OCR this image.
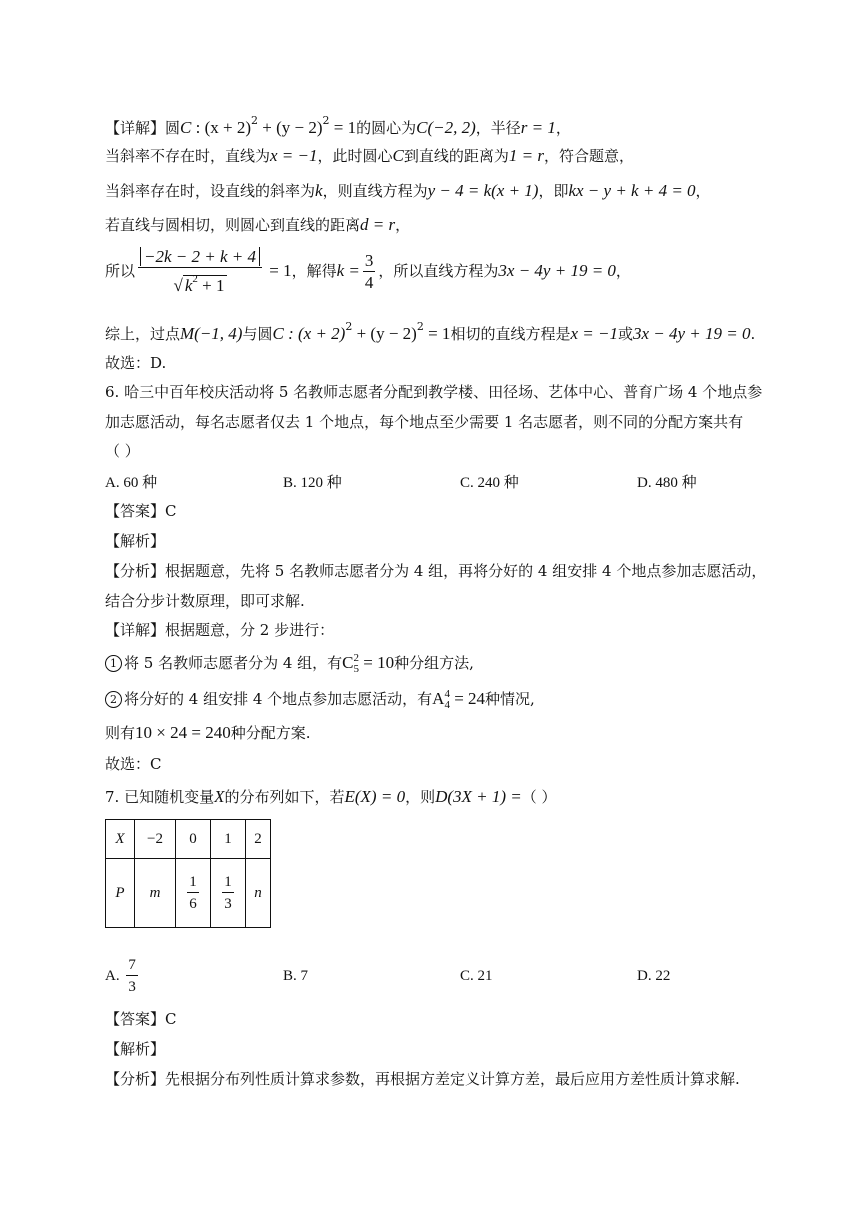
【详解】圆C : $(x + 2)^2 + (y - 2)^2 = 1$的圆心为C(−2, 2)，半径r = 1，
当斜率不存在时，直线为x = −1，此时圆心C到直线的距离为1 = r，符合题意，
当斜率存在时，设直线的斜率为k，则直线方程为y − 4 = k(x + 1)，即kx − y + k + 4 = 0，
若直线与圆相切，则圆心到直线的距离d = r，
所以 $\frac{-2k - 2 + k + 4}{√ k^2 + 1} = 1$，解得$k = \frac{3}{4}$ ，所以直线方程为3x − 4y + 19 = 0，
综上，过点M(−1, 4)与圆C : $(x + 2)^2 + (y - 2)^2 = 1$相切的直线方程是x = −1或3x − 4y + 19 = 0.
故选：D.
6. 哈三中百年校庆活动将 5 名教师志愿者分配到教学楼、田径场、艺体中心、普育广场 4 个地点参
加志愿活动，每名志愿者仅去 1 个地点，每个地点至少需要 1 名志愿者，则不同的分配方案共有
（ ）
A. 60 种	B. 120 种	C. 240 种	D. 480 种
【答案】C
【解析】
【分析】根据题意，先将 5 名教师志愿者分为 4 组，再将分好的 4 组安排 4 个地点参加志愿活动，
结合分步计数原理，即可求解.
【详解】根据题意，分 2 步进行：
1 将 5 名教师志愿者分为 4 组，有C 2
5 = 10种分组方法,
2 将分好的 4 组安排 4 个地点参加志愿活动，有A 4
4 = 24种情况,
则有10 × 24 = 240种分配方案.
故选：C
7. 已知随机变量X的分布列如下，若E(X) = 0，则D(3X + 1) =（ ）
X	−2	0	1	2
P	m	$\frac{1}{6}$	$\frac{1}{3}$	n
A. $\frac{7}{3}$	B. 7	C. 21	D. 22
【答案】C
【解析】
【分析】先根据分布列性质计算求参数，再根据方差定义计算方差，最后应用方差性质计算求解.
